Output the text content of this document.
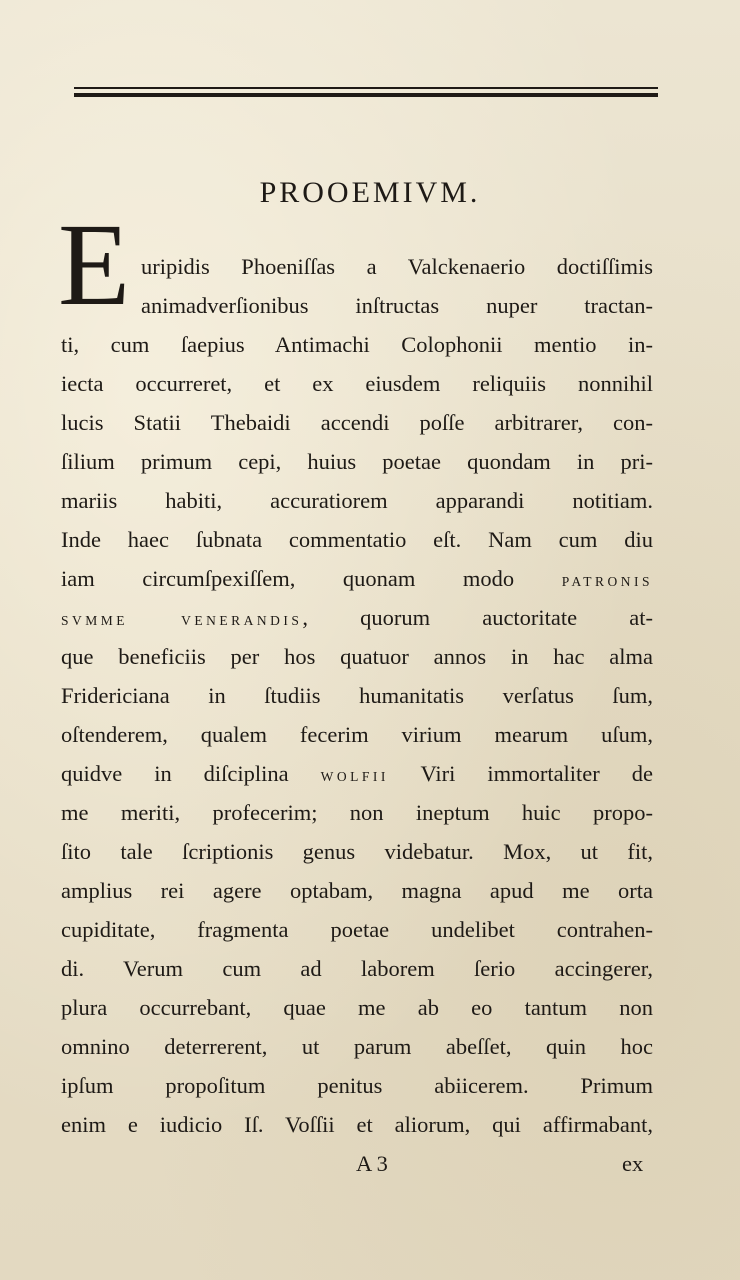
PROOEMIVM.
E uripidis Phoeniſſas a Valckenaerio doctiſſimis
animadverſionibus inſtructas nuper tractan-
ti, cum ſaepius Antimachi Colophonii mentio in-
iecta occurreret, et ex eiusdem reliquiis nonnihil
lucis Statii Thebaidi accendi poſſe arbitrarer, con-
ſilium primum cepi, huius poetae quondam in pri-
mariis habiti, accuratiorem apparandi notitiam.
Inde haec ſubnata commentatio eſt. Nam cum diu
iam circumſpexiſſem, quonam modo PATRONIS
SVMME VENERANDIS, quorum auctoritate at-
que beneficiis per hos quatuor annos in hac alma
Fridericiana in ſtudiis humanitatis verſatus ſum,
oſtenderem, qualem fecerim virium mearum uſum,
quidve in diſciplina WOLFII Viri immortaliter de
me meriti, profecerim; non ineptum huic propo-
ſito tale ſcriptionis genus videbatur. Mox, ut fit,
amplius rei agere optabam, magna apud me orta
cupiditate, fragmenta poetae undelibet contrahen-
di. Verum cum ad laborem ſerio accingerer,
plura occurrebant, quae me ab eo tantum non
omnino deterrerent, ut parum abeſſet, quin hoc
ipſum propoſitum penitus abiicerem. Primum
enim e iudicio Iſ. Voſſii et aliorum, qui affirmabant,
A 3	ex
